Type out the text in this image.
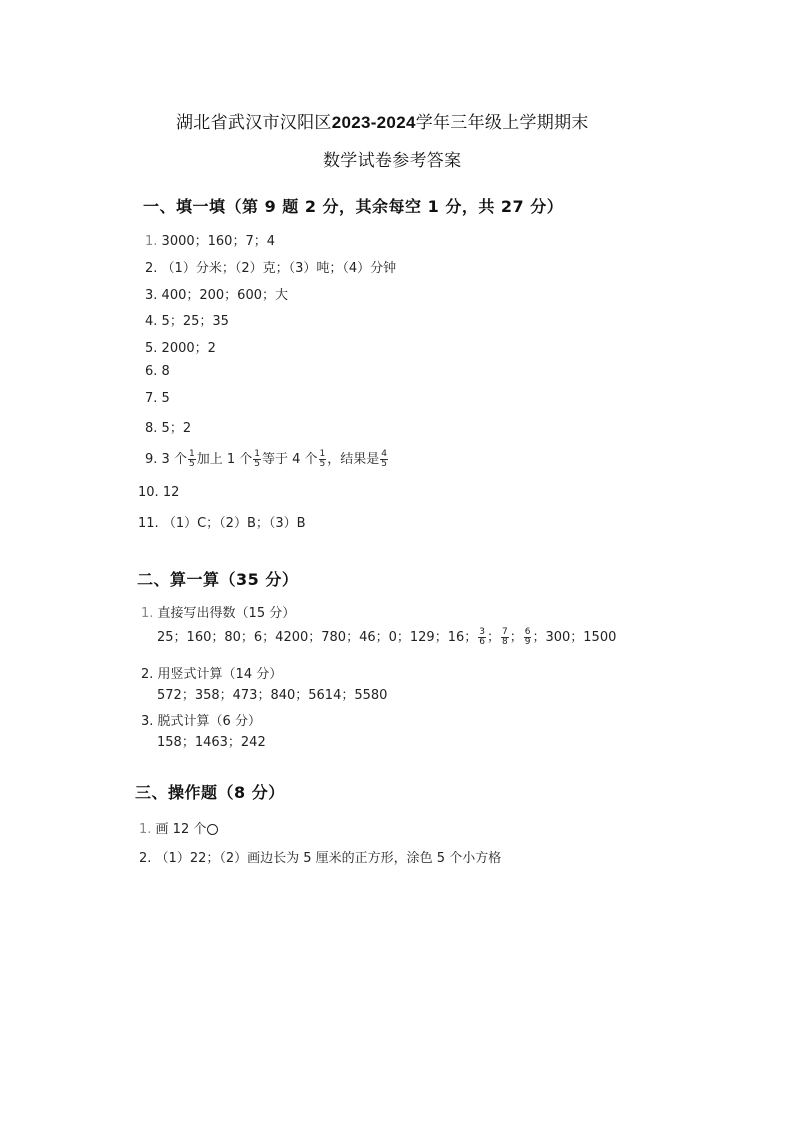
湖北省武汉市汉阳区2023-2024学年三年级上学期期末
数学试卷参考答案
一、填一填（第 9 题 2 分，其余每空 1 分，共 27 分）
1. 3000；160；7；4
2. （1）分米；（2）克；（3）吨；（4）分钟
3. 400；200；600；大
4. 5；25；35
5. 2000；2
6. 8
7. 5
8. 5；2
9. 3 个 $\frac{1}{5}$ 加上 1 个 $\frac{1}{5}$ 等于 4 个 $\frac{1}{5}$ ，结果是 $\frac{4}{5}$
10. 12
11. （1）C；（2）B；（3）B
二、算一算（35 分）
1. 直接写出得数（15 分）
25；160；80；6；4200；780；46；0；129；16； $\frac{3}{6}$ ； $\frac{7}{8}$ ； $\frac{6}{9}$ ；300；1500
2. 用竖式计算（14 分）
572；358；473；840；5614；5580
3. 脱式计算（6 分）
158；1463；242
三、操作题（8 分）
1. 画 12 个
2. （1）22；（2）画边长为 5 厘米的正方形，涂色 5 个小方格
